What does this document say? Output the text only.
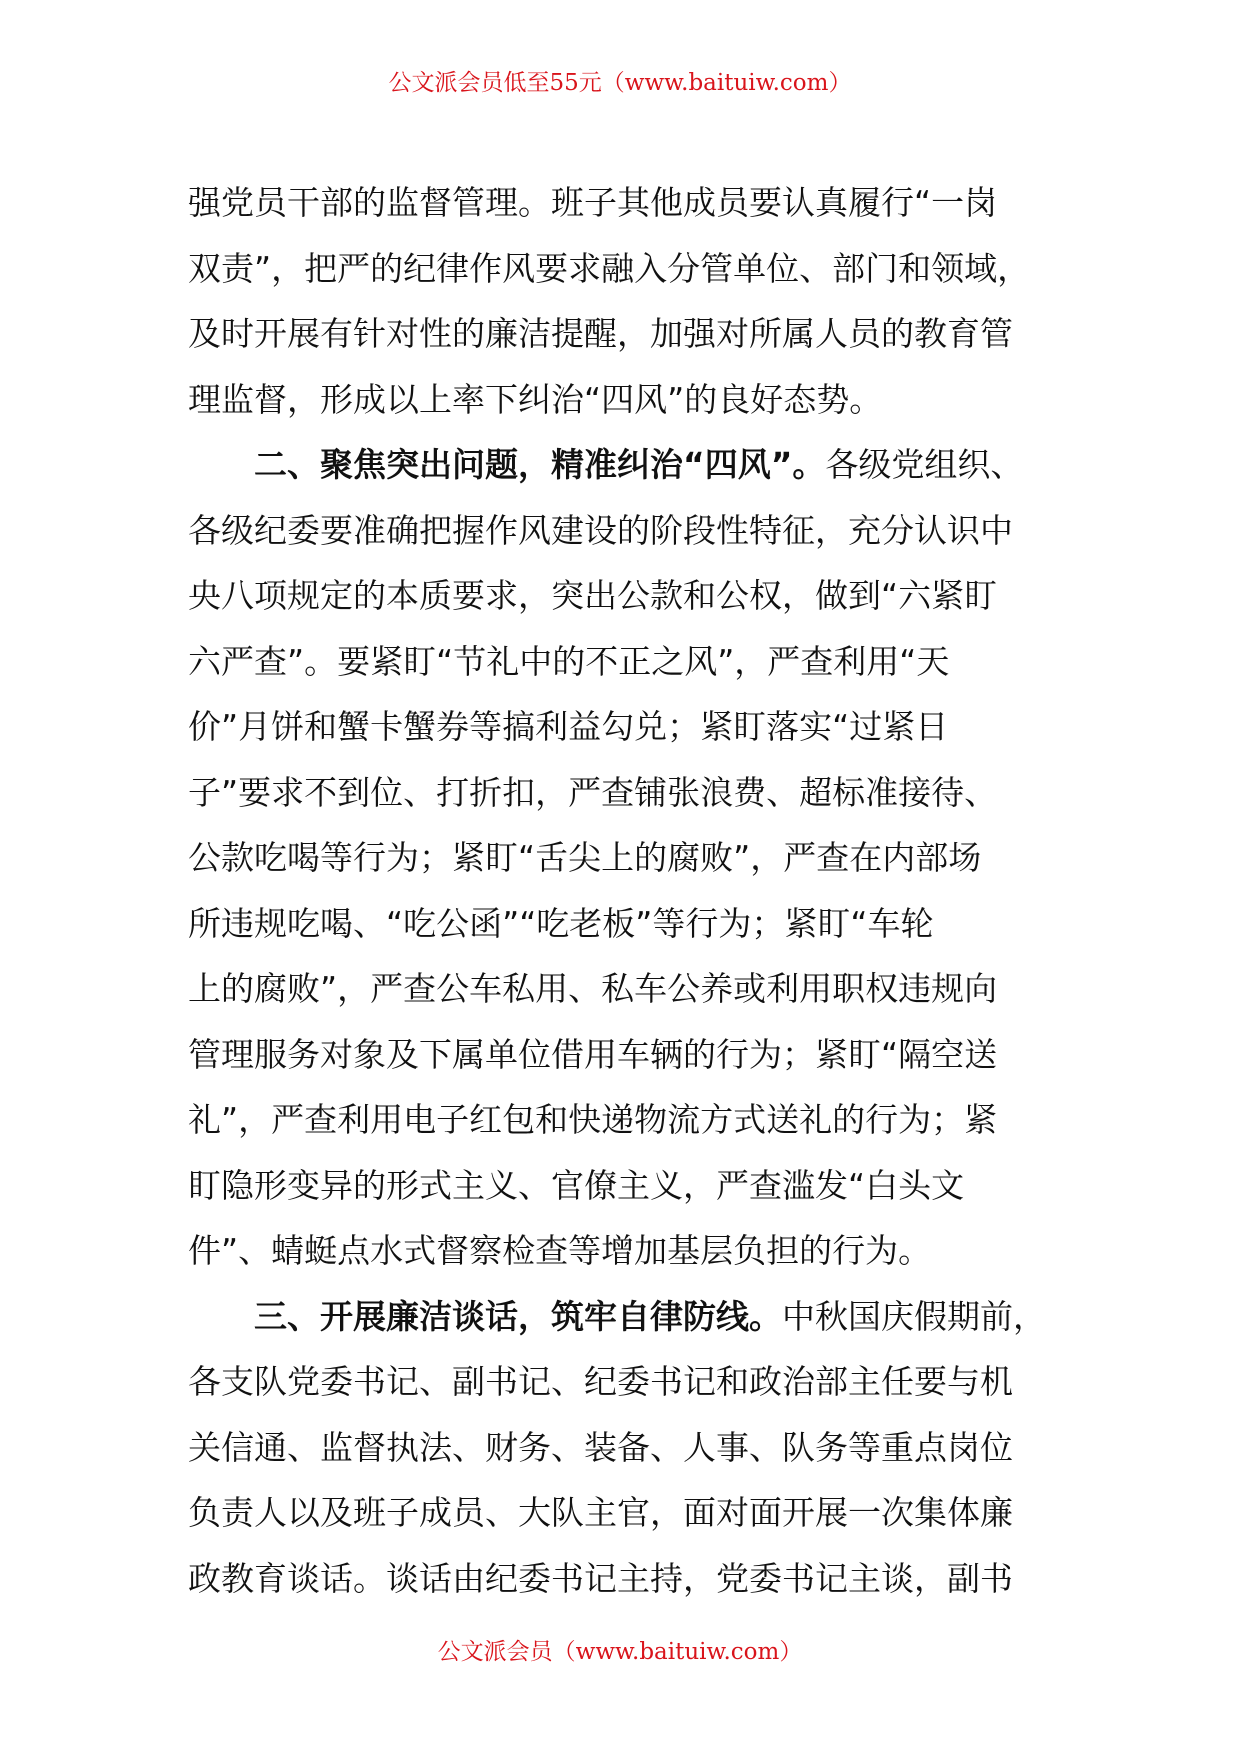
公文派会员低至55元（www.baituiw.com）
强党员干部的监督管理。班子其他成员要认真履行“一岗
双责”，把严的纪律作风要求融入分管单位、部门和领域，
及时开展有针对性的廉洁提醒，加强对所属人员的教育管
理监督，形成以上率下纠治“四风”的良好态势。
二、聚焦突出问题，精准纠治“四风”。各级党组织、
各级纪委要准确把握作风建设的阶段性特征，充分认识中
央八项规定的本质要求，突出公款和公权，做到“六紧盯
六严查”。要紧盯“节礼中的不正之风”，严查利用“天
价”月饼和蟹卡蟹券等搞利益勾兑；紧盯落实“过紧日
子”要求不到位、打折扣，严查铺张浪费、超标准接待、
公款吃喝等行为；紧盯“舌尖上的腐败”，严查在内部场
所违规吃喝、“吃公函”“吃老板”等行为；紧盯“车轮
上的腐败”，严查公车私用、私车公养或利用职权违规向
管理服务对象及下属单位借用车辆的行为；紧盯“隔空送
礼”，严查利用电子红包和快递物流方式送礼的行为；紧
盯隐形变异的形式主义、官僚主义，严查滥发“白头文
件”、蜻蜓点水式督察检查等增加基层负担的行为。
三、开展廉洁谈话，筑牢自律防线。中秋国庆假期前，
各支队党委书记、副书记、纪委书记和政治部主任要与机
关信通、监督执法、财务、装备、人事、队务等重点岗位
负责人以及班子成员、大队主官，面对面开展一次集体廉
政教育谈话。谈话由纪委书记主持，党委书记主谈，副书
公文派会员（www.baituiw.com）
